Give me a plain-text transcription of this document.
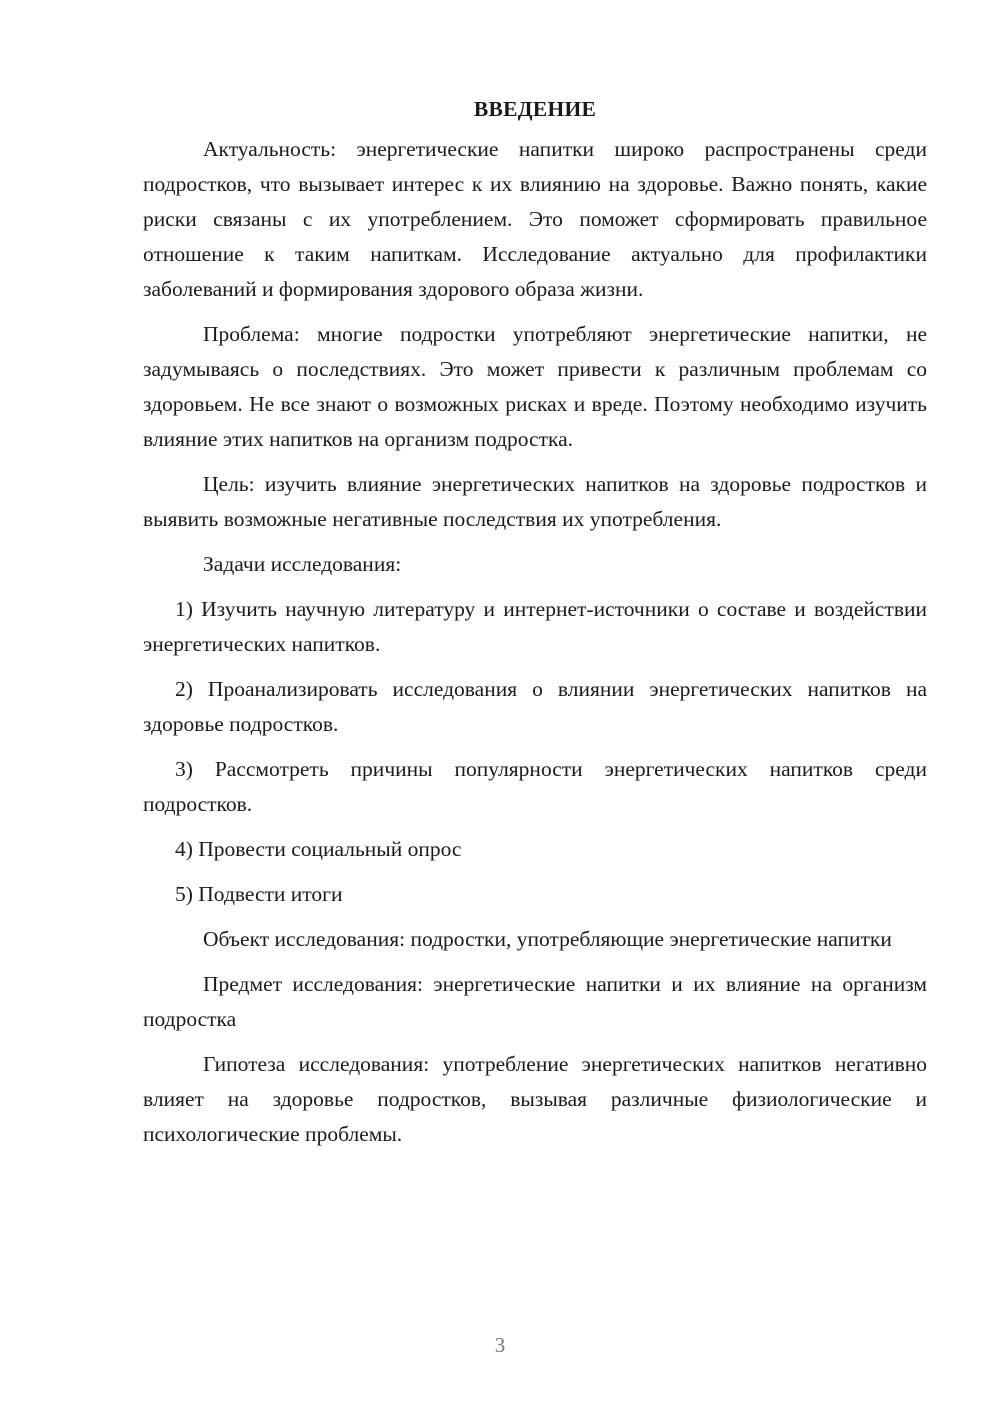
ВВЕДЕНИЕ

Актуальность: энергетические напитки широко распространены среди подростков, что вызывает интерес к их влиянию на здоровье. Важно понять, какие риски связаны с их употреблением. Это поможет сформировать правильное отношение к таким напиткам. Исследование актуально для профилактики заболеваний и формирования здорового образа жизни.

Проблема: многие подростки употребляют энергетические напитки, не задумываясь о последствиях. Это может привести к различным проблемам со здоровьем. Не все знают о возможных рисках и вреде. Поэтому необходимо изучить влияние этих напитков на организм подростка.

Цель: изучить влияние энергетических напитков на здоровье подростков и выявить возможные негативные последствия их употребления.

Задачи исследования:

1) Изучить научную литературу и интернет-источники о составе и воздействии энергетических напитков.

2) Проанализировать исследования о влиянии энергетических напитков на здоровье подростков.

3) Рассмотреть причины популярности энергетических напитков среди подростков.

4) Провести социальный опрос

5) Подвести итоги

Объект исследования: подростки, употребляющие энергетические напитки

Предмет исследования: энергетические напитки и их влияние на организм подростка

Гипотеза исследования: употребление энергетических напитков негативно влияет на здоровье подростков, вызывая различные физиологические и психологические проблемы.

3
